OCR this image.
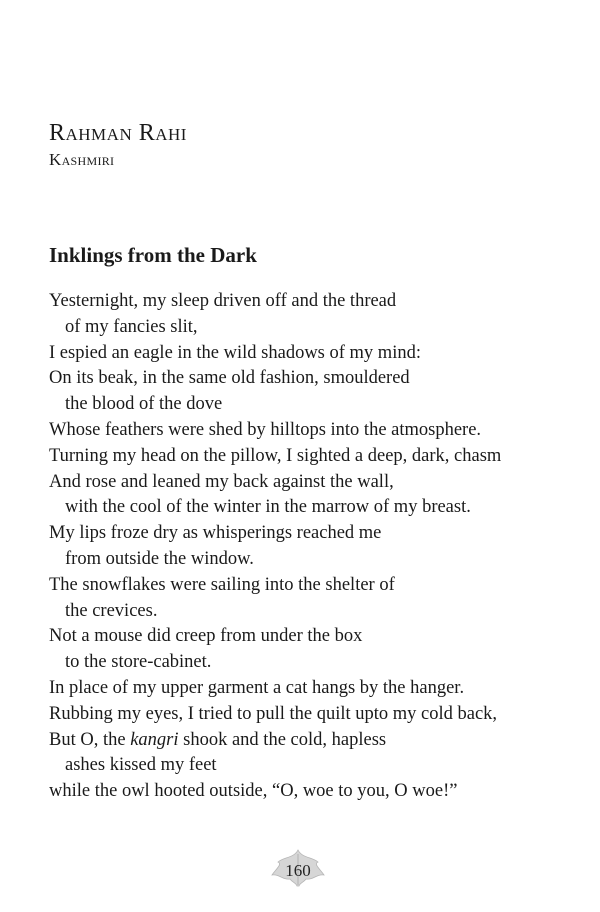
Rahman Rahi
Kashmiri
Inklings from the Dark
Yesternight, my sleep driven off and the thread
of my fancies slit,
I espied an eagle in the wild shadows of my mind:
On its beak, in the same old fashion, smouldered
the blood of the dove
Whose feathers were shed by hilltops into the atmosphere.
Turning my head on the pillow, I sighted a deep, dark, chasm
And rose and leaned my back against the wall,
with the cool of the winter in the marrow of my breast.
My lips froze dry as whisperings reached me
from outside the window.
The snowflakes were sailing into the shelter of
the crevices.
Not a mouse did creep from under the box
to the store-cabinet.
In place of my upper garment a cat hangs by the hanger.
Rubbing my eyes, I tried to pull the quilt upto my cold back,
But O, the kangri shook and the cold, hapless
ashes kissed my feet
while the owl hooted outside, “O, woe to you, O woe!”
160
